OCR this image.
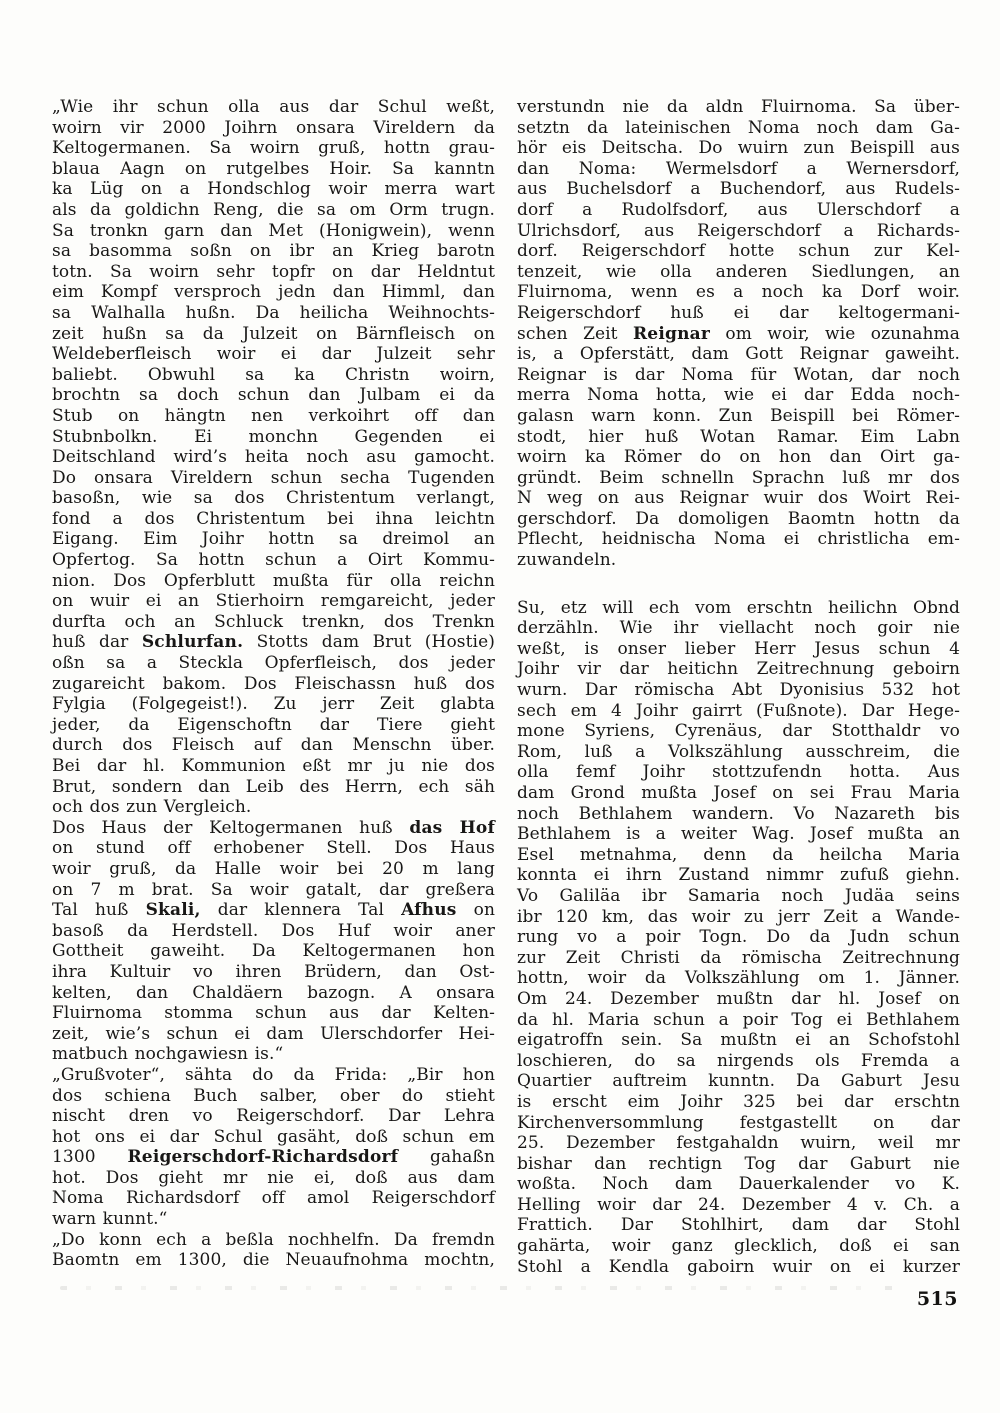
„Wie ihr schun olla aus dar Schul weßt,
woirn vir 2000 Joihrn onsara Vireldern da
Keltogermanen. Sa woirn gruß, hottn grau-
blaua Aagn on rutgelbes Hoir. Sa kanntn
ka Lüg on a Hondschlog woir merra wart
als da goldichn Reng, die sa om Orm trugn.
Sa tronkn garn dan Met (Honigwein), wenn
sa basomma soßn on ibr an Krieg barotn
totn. Sa woirn sehr topfr on dar Heldntut
eim Kompf versproch jedn dan Himml, dan
sa Walhalla hußn. Da heilicha Weihnochts-
zeit hußn sa da Julzeit on Bärnfleisch on
Weldeberfleisch woir ei dar Julzeit sehr
baliebt. Obwuhl sa ka Christn woirn,
brochtn sa doch schun dan Julbam ei da
Stub on hängtn nen verkoihrt off dan
Stubnbolkn. Ei monchn Gegenden ei
Deitschland wird’s heita noch asu gamocht.
Do onsara Vireldern schun secha Tugenden
basoßn, wie sa dos Christentum verlangt,
fond a dos Christentum bei ihna leichtn
Eigang. Eim Joihr hottn sa dreimol an
Opfertog. Sa hottn schun a Oirt Kommu-
nion. Dos Opferblutt mußta für olla reichn
on wuir ei an Stierhoirn remgareicht, jeder
durfta och an Schluck trenkn, dos Trenkn
huß dar Schlurfan. Stotts dam Brut (Hostie)
oßn sa a Steckla Opferfleisch, dos jeder
zugareicht bakom. Dos Fleischassn huß dos
Fylgia (Folgegeist!). Zu jerr Zeit glabta
jeder, da Eigenschoftn dar Tiere gieht
durch dos Fleisch auf dan Menschn über.
Bei dar hl. Kommunion eßt mr ju nie dos
Brut, sondern dan Leib des Herrn, ech säh
och dos zun Vergleich.
Dos Haus der Keltogermanen huß das Hof
on stund off erhobener Stell. Dos Haus
woir gruß, da Halle woir bei 20 m lang
on 7 m brat. Sa woir gatalt, dar greßera
Tal huß Skali, dar klennera Tal Afhus on
basoß da Herdstell. Dos Huf woir aner
Gottheit gaweiht. Da Keltogermanen hon
ihra Kultuir vo ihren Brüdern, dan Ost-
kelten, dan Chaldäern bazogn. A onsara
Fluirnoma stomma schun aus dar Kelten-
zeit, wie’s schun ei dam Ulerschdorfer Hei-
matbuch nochgawiesn is.“
„Grußvoter“, sähta do da Frida: „Bir hon
dos schiena Buch salber, ober do stieht
nischt dren vo Reigerschdorf. Dar Lehra
hot ons ei dar Schul gasäht, doß schun em
1300 Reigerschdorf-Richardsdorf gahaßn
hot. Dos gieht mr nie ei, doß aus dam
Noma Richardsdorf off amol Reigerschdorf
warn kunnt.“
„Do konn ech a beßla nochhelfn. Da fremdn
Baomtn em 1300, die Neuaufnohma mochtn,
verstundn nie da aldn Fluirnoma. Sa über-
setztn da lateinischen Noma noch dam Ga-
hör eis Deitscha. Do wuirn zun Beispill aus
dan Noma: Wermelsdorf a Wernersdorf,
aus Buchelsdorf a Buchendorf, aus Rudels-
dorf a Rudolfsdorf, aus Ulerschdorf a
Ulrichsdorf, aus Reigerschdorf a Richards-
dorf. Reigerschdorf hotte schun zur Kel-
tenzeit, wie olla anderen Siedlungen, an
Fluirnoma, wenn es a noch ka Dorf woir.
Reigerschdorf huß ei dar keltogermani-
schen Zeit Reignar om woir, wie ozunahma
is, a Opferstätt, dam Gott Reignar gaweiht.
Reignar is dar Noma für Wotan, dar noch
merra Noma hotta, wie ei dar Edda noch-
galasn warn konn. Zun Beispill bei Römer-
stodt, hier huß Wotan Ramar. Eim Labn
woirn ka Römer do on hon dan Oirt ga-
gründt. Beim schnelln Sprachn luß mr dos
N weg on aus Reignar wuir dos Woirt Rei-
gerschdorf. Da domoligen Baomtn hottn da
Pflecht, heidnischa Noma ei christlicha em-
zuwandeln.
Su, etz will ech vom erschtn heilichn Obnd
derzähln. Wie ihr viellacht noch goir nie
weßt, is onser lieber Herr Jesus schun 4
Joihr vir dar heitichn Zeitrechnung geboirn
wurn. Dar römischa Abt Dyonisius 532 hot
sech em 4 Joihr gairrt (Fußnote). Dar Hege-
mone Syriens, Cyrenäus, dar Stotthaldr vo
Rom, luß a Volkszählung ausschreim, die
olla femf Joihr stottzufendn hotta. Aus
dam Grond mußta Josef on sei Frau Maria
noch Bethlahem wandern. Vo Nazareth bis
Bethlahem is a weiter Wag. Josef mußta an
Esel metnahma, denn da heilcha Maria
konnta ei ihrn Zustand nimmr zufuß giehn.
Vo Galiläa ibr Samaria noch Judäa seins
ibr 120 km, das woir zu jerr Zeit a Wande-
rung vo a poir Togn. Do da Judn schun
zur Zeit Christi da römischa Zeitrechnung
hottn, woir da Volkszählung om 1. Jänner.
Om 24. Dezember mußtn dar hl. Josef on
da hl. Maria schun a poir Tog ei Bethlahem
eigatroffn sein. Sa mußtn ei an Schofstohl
loschieren, do sa nirgends ols Fremda a
Quartier auftreim kunntn. Da Gaburt Jesu
is erscht eim Joihr 325 bei dar erschtn
Kirchenversommlung festgastellt on dar
25. Dezember festgahaldn wuirn, weil mr
bishar dan rechtign Tog dar Gaburt nie
woßta. Noch dam Dauerkalender vo K.
Helling woir dar 24. Dezember 4 v. Ch. a
Frattich. Dar Stohlhirt, dam dar Stohl
gahärta, woir ganz glecklich, doß ei san
Stohl a Kendla gaboirn wuir on ei kurzer
515
